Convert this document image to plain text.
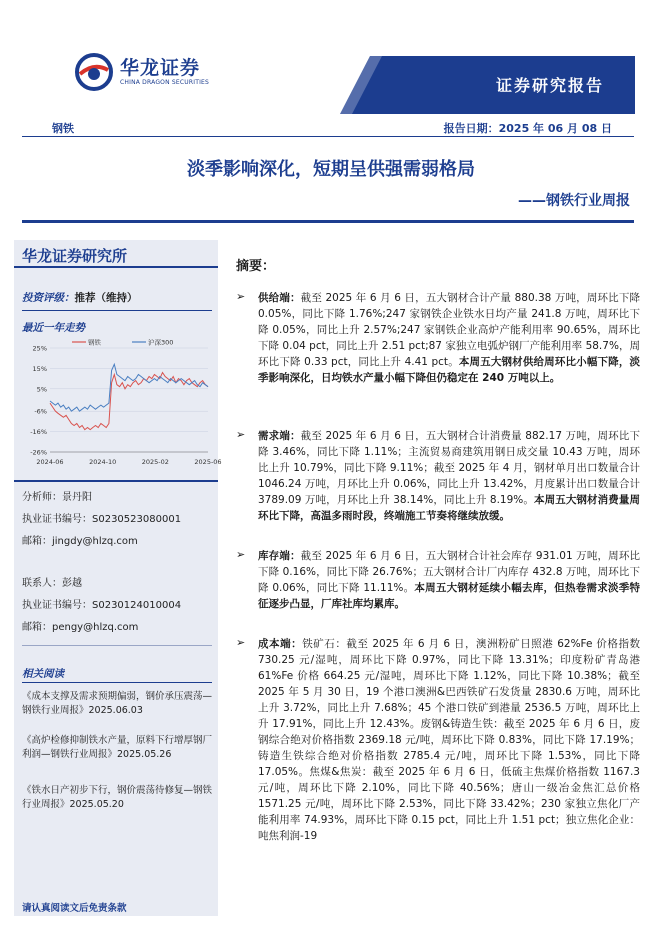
华龙证券
CHINA DRAGON SECURITIES	证券研究报告
钢铁	报告日期：2025 年 06 月 08 日
淡季影响深化，短期呈供强需弱格局
——钢铁行业周报
华龙证券研究所
投资评级：推荐（维持）
最近一年走势
25%
15%
5%
-6%
-16%
-26%
2024-06	2024-10	2025-02	2025-06
钢铁	沪深300
分析师：景丹阳
执业证书编号：S0230523080001
邮箱：jingdy@hlzq.com
联系人：彭越
执业证书编号：S0230124010004
邮箱：pengy@hlzq.com
相关阅读
《成本支撑及需求预期偏弱，钢价承压震荡—钢铁行业周报》2025.06.03
《高炉检修抑制铁水产量，原料下行增厚钢厂利润—钢铁行业周报》2025.05.26
《铁水日产初步下行，钢价震荡待修复—钢铁行业周报》2025.05.20
请认真阅读文后免责条款
摘要：
➢ 供给端：截至 2025 年 6 月 6 日，五大钢材合计产量 880.38 万吨，周环比下降 0.05%，同比下降 1.76%;247 家钢铁企业铁水日均产量 241.8 万吨，周环比下降 0.05%，同比上升 2.57%;247 家钢铁企业高炉产能利用率 90.65%，周环比下降 0.04 pct，同比上升 2.51 pct;87 家独立电弧炉钢厂产能利用率 58.7%，周环比下降 0.33 pct，同比上升 4.41 pct。本周五大钢材供给周环比小幅下降，淡季影响深化，日均铁水产量小幅下降但仍稳定在 240 万吨以上。
➢ 需求端：截至 2025 年 6 月 6 日，五大钢材合计消费量 882.17 万吨，周环比下降 3.46%，同比下降 1.11%；主流贸易商建筑用钢日成交量 10.43 万吨，周环比上升 10.79%，同比下降 9.11%；截至 2025 年 4 月，钢材单月出口数量合计 1046.24 万吨，月环比上升 0.06%，同比上升 13.42%，月度累计出口数量合计 3789.09 万吨，月环比上升 38.14%，同比上升 8.19%。本周五大钢材消费量周环比下降，高温多雨时段，终端施工节奏将继续放缓。
➢ 库存端：截至 2025 年 6 月 6 日，五大钢材合计社会库存 931.01 万吨，周环比下降 0.16%，同比下降 26.76%；五大钢材合计厂内库存 432.8 万吨，周环比下降 0.06%，同比下降 11.11%。本周五大钢材延续小幅去库，但热卷需求淡季特征逐步凸显，厂库社库均累库。
➢ 成本端：铁矿石：截至 2025 年 6 月 6 日，澳洲粉矿日照港 62%Fe 价格指数 730.25 元/湿吨，周环比下降 0.97%，同比下降 13.31%；印度粉矿青岛港 61%Fe 价格 664.25 元/湿吨，周环比下降 1.12%，同比下降 10.38%；截至 2025 年 5 月 30 日，19 个港口澳洲&巴西铁矿石发货量 2830.6 万吨，周环比上升 3.72%，同比上升 7.68%；45 个港口铁矿到港量 2536.5 万吨，周环比上升 17.91%，同比上升 12.43%。废钢&铸造生铁：截至 2025 年 6 月 6 日，废钢综合绝对价格指数 2369.18 元/吨，周环比下降 0.83%，同比下降 17.19%；铸造生铁综合绝对价格指数 2785.4 元/吨，周环比下降 1.53%，同比下降 17.05%。焦煤&焦炭：截至 2025 年 6 月 6 日，低硫主焦煤价格指数 1167.3 元/吨，周环比下降 2.10%，同比下降 40.56%；唐山一级冶金焦汇总价格 1571.25 元/吨，周环比下降 2.53%，同比下降 33.42%；230 家独立焦化厂产能利用率 74.93%，周环比下降 0.15 pct，同比上升 1.51 pct；独立焦化企业：吨焦利润-19
